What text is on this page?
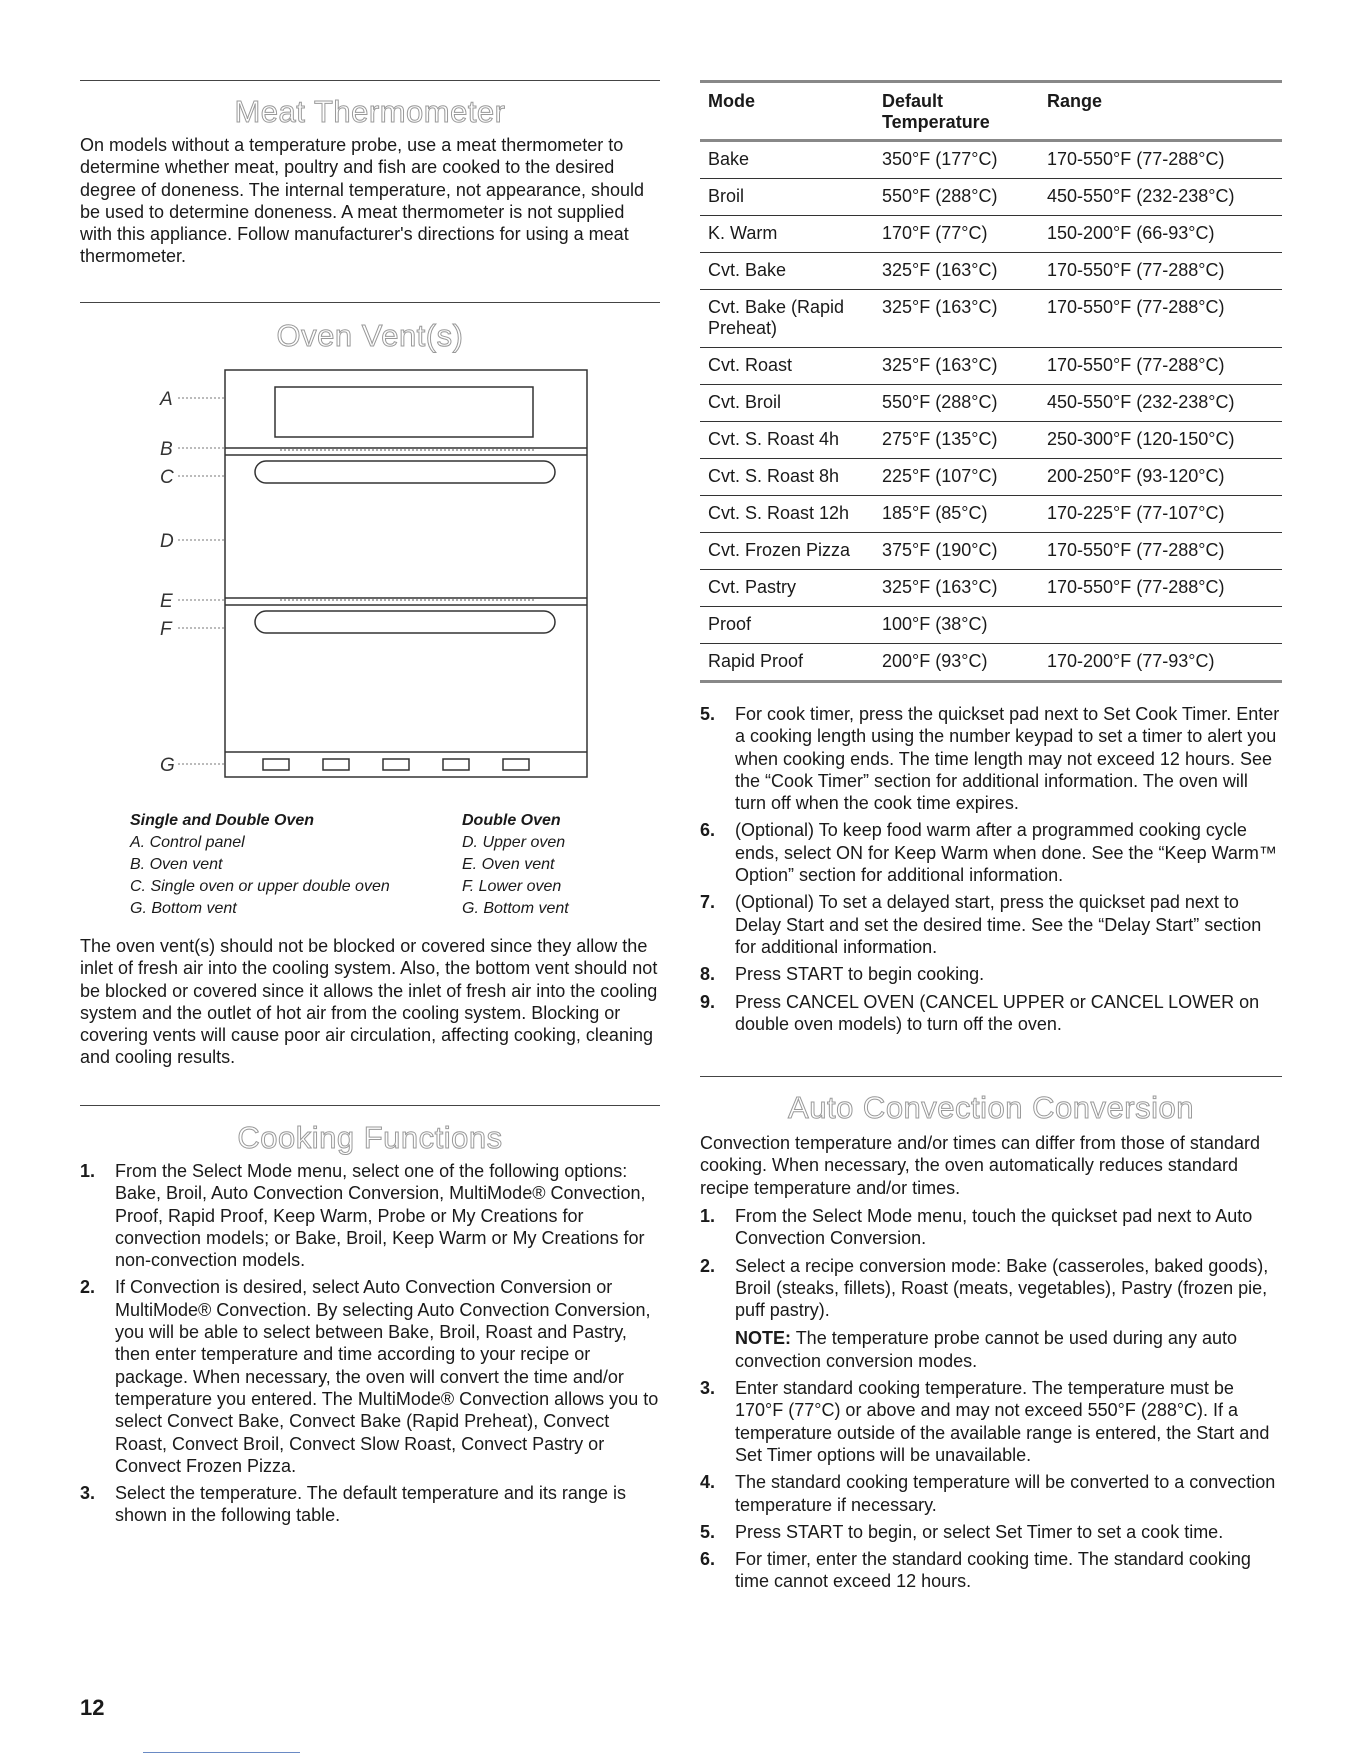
Meat Thermometer

On models without a temperature probe, use a meat thermometer to determine whether meat, poultry and fish are cooked to the desired degree of doneness. The internal temperature, not appearance, should be used to determine doneness. A meat thermometer is not supplied with this appliance. Follow manufacturer's directions for using a meat thermometer.

Oven Vent(s)
A
B
C
D
E
F
G
Single and Double Oven
A. Control panel
B. Oven vent
C. Single oven or upper double oven
G. Bottom vent
Double Oven
D. Upper oven
E. Oven vent
F. Lower oven
G. Bottom vent

The oven vent(s) should not be blocked or covered since they allow the inlet of fresh air into the cooling system. Also, the bottom vent should not be blocked or covered since it allows the inlet of fresh air into the cooling system and the outlet of hot air from the cooling system. Blocking or covering vents will cause poor air circulation, affecting cooking, cleaning and cooling results.

Cooking Functions
1. From the Select Mode menu, select one of the following options: Bake, Broil, Auto Convection Conversion, MultiMode® Convection, Proof, Rapid Proof, Keep Warm, Probe or My Creations for convection models; or Bake, Broil, Keep Warm or My Creations for non-convection models.
2. If Convection is desired, select Auto Convection Conversion or MultiMode® Convection. By selecting Auto Convection Conversion, you will be able to select between Bake, Broil, Roast and Pastry, then enter temperature and time according to your recipe or package. When necessary, the oven will convert the time and/or temperature you entered. The MultiMode® Convection allows you to select Convect Bake, Convect Bake (Rapid Preheat), Convect Roast, Convect Broil, Convect Slow Roast, Convect Pastry or Convect Frozen Pizza.
3. Select the temperature. The default temperature and its range is shown in the following table.
Mode	Default Temperature	Range
Bake	350°F (177°C)	170-550°F (77-288°C)
Broil	550°F (288°C)	450-550°F (232-238°C)
K. Warm	170°F (77°C)	150-200°F (66-93°C)
Cvt. Bake	325°F (163°C)	170-550°F (77-288°C)
Cvt. Bake (Rapid Preheat)	325°F (163°C)	170-550°F (77-288°C)
Cvt. Roast	325°F (163°C)	170-550°F (77-288°C)
Cvt. Broil	550°F (288°C)	450-550°F (232-238°C)
Cvt. S. Roast 4h	275°F (135°C)	250-300°F (120-150°C)
Cvt. S. Roast 8h	225°F (107°C)	200-250°F (93-120°C)
Cvt. S. Roast 12h	185°F (85°C)	170-225°F (77-107°C)
Cvt. Frozen Pizza	375°F (190°C)	170-550°F (77-288°C)
Cvt. Pastry	325°F (163°C)	170-550°F (77-288°C)
Proof	100°F (38°C)	
Rapid Proof	200°F (93°C)	170-200°F (77-93°C)
5. For cook timer, press the quickset pad next to Set Cook Timer. Enter a cooking length using the number keypad to set a timer to alert you when cooking ends. The time length may not exceed 12 hours. See the “Cook Timer” section for additional information. The oven will turn off when the cook time expires.
6. (Optional) To keep food warm after a programmed cooking cycle ends, select ON for Keep Warm when done. See the “Keep Warm™ Option” section for additional information.
7. (Optional) To set a delayed start, press the quickset pad next to Delay Start and set the desired time. See the “Delay Start” section for additional information.
8. Press START to begin cooking.
9. Press CANCEL OVEN (CANCEL UPPER or CANCEL LOWER on double oven models) to turn off the oven.
Auto Convection Conversion

Convection temperature and/or times can differ from those of standard cooking. When necessary, the oven automatically reduces standard recipe temperature and/or times.

1. From the Select Mode menu, touch the quickset pad next to Auto Convection Conversion.
2. Select a recipe conversion mode: Bake (casseroles, baked goods), Broil (steaks, fillets), Roast (meats, vegetables), Pastry (frozen pie, puff pastry).
NOTE: The temperature probe cannot be used during any auto convection conversion modes.
3. Enter standard cooking temperature. The temperature must be 170°F (77°C) or above and may not exceed 550°F (288°C). If a temperature outside of the available range is entered, the Start and Set Timer options will be unavailable.
4. The standard cooking temperature will be converted to a convection temperature if necessary.
5. Press START to begin, or select Set Timer to set a cook time.
6. For timer, enter the standard cooking time. The standard cooking time cannot exceed 12 hours.
12
